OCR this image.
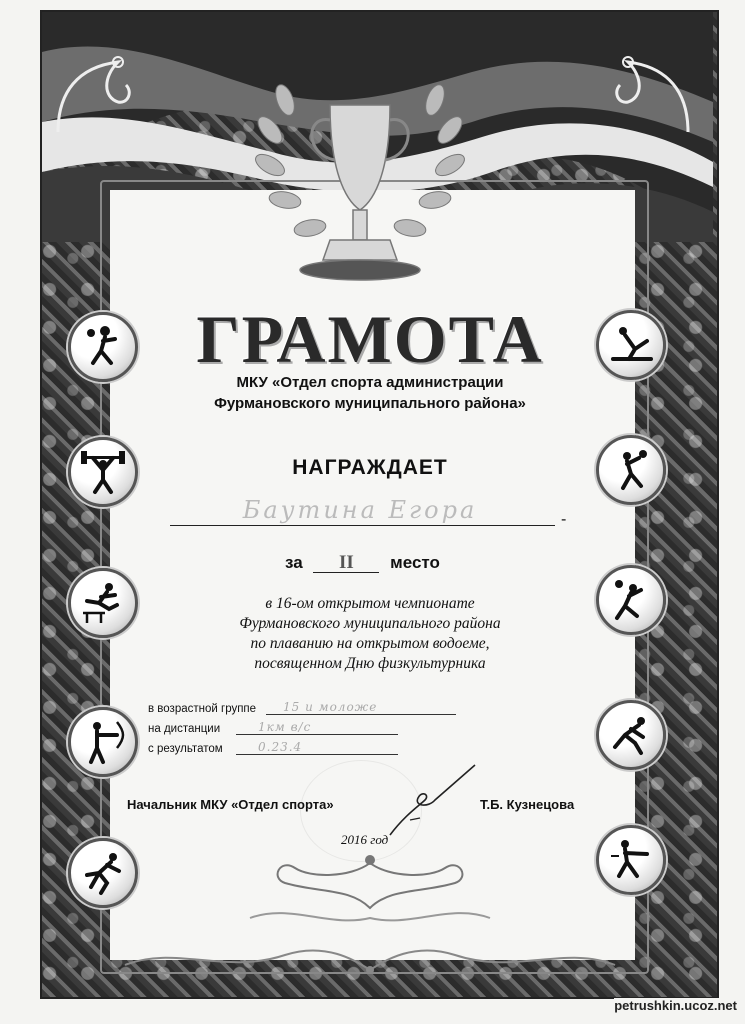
ГРАМОТА
МКУ «Отдел спорта администрации
Фурмановского муниципального района»
НАГРАЖДАЕТ
Баутина Егора	-
за II место
в 16-ом открытом чемпионате
Фурмановского муниципального района
по плаванию на открытом водоеме,
посвященном Дню физкультурника
в возрастной группе 15 и моложе
на дистанции	1км в/с
с результатом	0.23.4
Начальник МКУ «Отдел спорта»	Т.Б. Кузнецова
2016 год
petrushkin.ucoz.net
